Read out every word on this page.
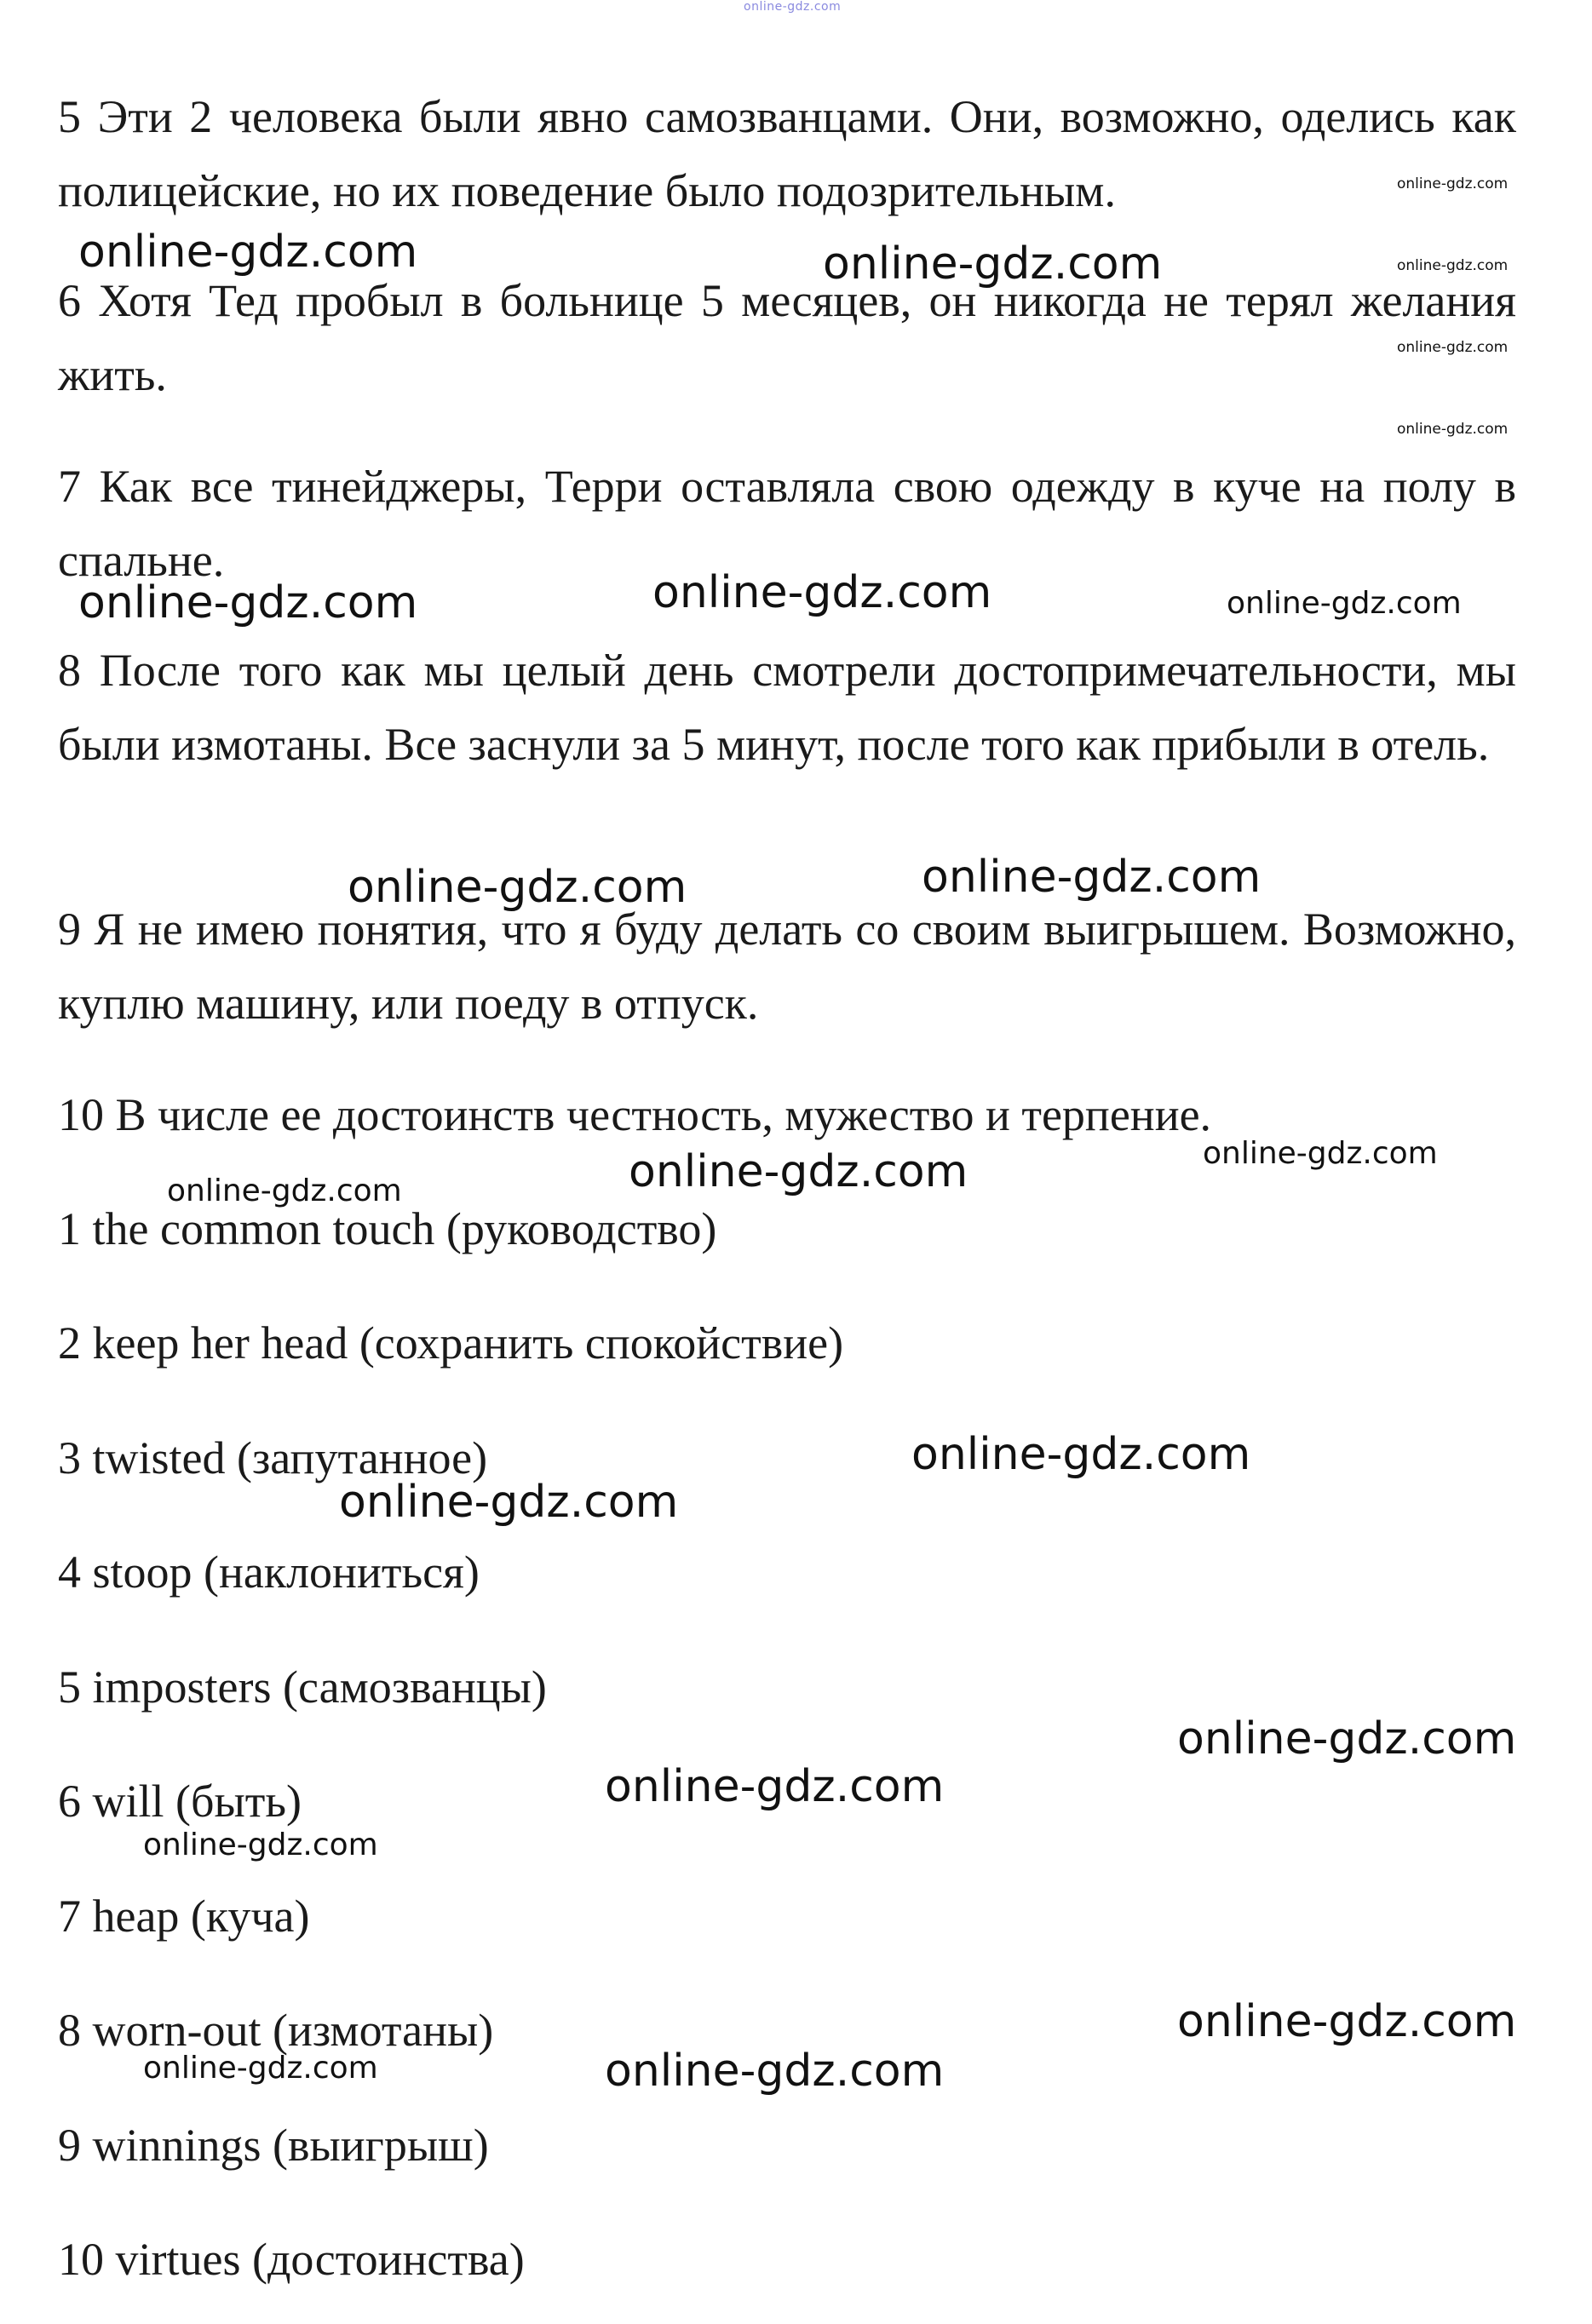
online-gdz.com

5 Эти 2 человека были явно самозванцами. Они, возможно, оделись как полицейские, но их поведение было подозрительным.

6 Хотя Тед пробыл в больнице 5 месяцев, он никогда не терял желания жить.

7 Как все тинейджеры, Терри оставляла свою одежду в куче на полу в спальне.

8 После того как мы целый день смотрели достопримечательности, мы были измотаны. Все заснули за 5 минут, после того как прибыли в отель.

9 Я не имею понятия, что я буду делать со своим выигрышем. Возможно, куплю машину, или поеду в отпуск.

10 В числе ее достоинств честность, мужество и терпение.

1 the common touch (руководство)

2 keep her head (сохранить спокойствие)

3 twisted (запутанное)

4 stoop (наклониться)

5 imposters (самозванцы)

6 will (быть)

7 heap (куча)

8 worn-out (измотаны)

9 winnings (выигрыш)

10 virtues (достоинства)

online-gdz.com
online-gdz.com
online-gdz.com
online-gdz.com
online-gdz.com	online-gdz.com
online-gdz.com	online-gdz.com	online-gdz.com
online-gdz.com	online-gdz.com
online-gdz.com
online-gdz.com
online-gdz.com
online-gdz.com
online-gdz.com
online-gdz.com
online-gdz.com
online-gdz.com
online-gdz.com
online-gdz.com
online-gdz.com
